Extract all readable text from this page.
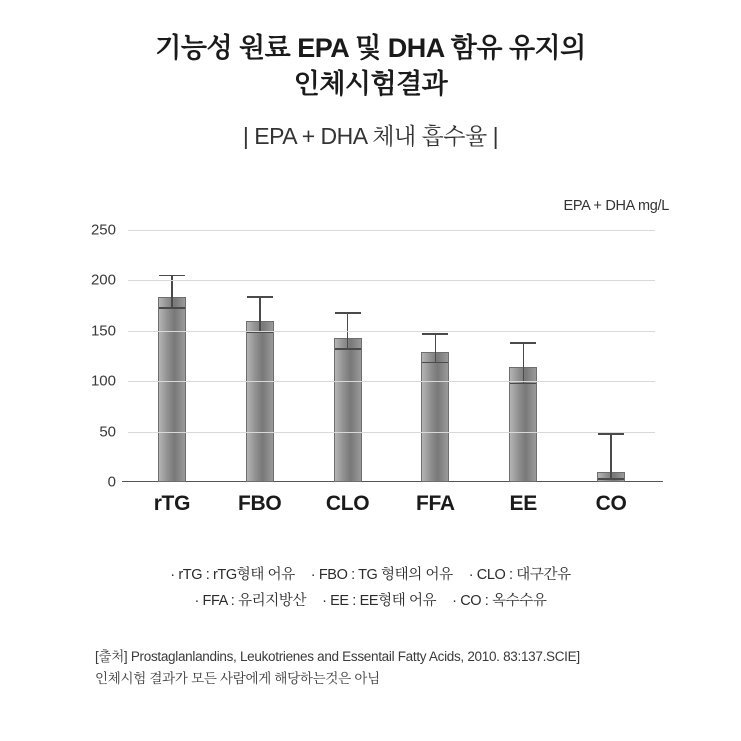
기능성 원료 EPA 및 DHA 함유 유지의
인체시험결과
| EPA + DHA 체내 흡수율 |
EPA + DHA mg/L
rTG	FBO	CLO	FFA	EE	CO
0
50
100
150
200
250
· rTG : rTG형태 어유 · FBO : TG 형태의 어유 · CLO : 대구간유
· FFA : 유리지방산 · EE : EE형태 어유 · CO : 옥수수유
[출처] Prostaglanlandins, Leukotrienes and Essentail Fatty Acids, 2010. 83:137.SCIE]
인체시험 결과가 모든 사람에게 해당하는것은 아님
